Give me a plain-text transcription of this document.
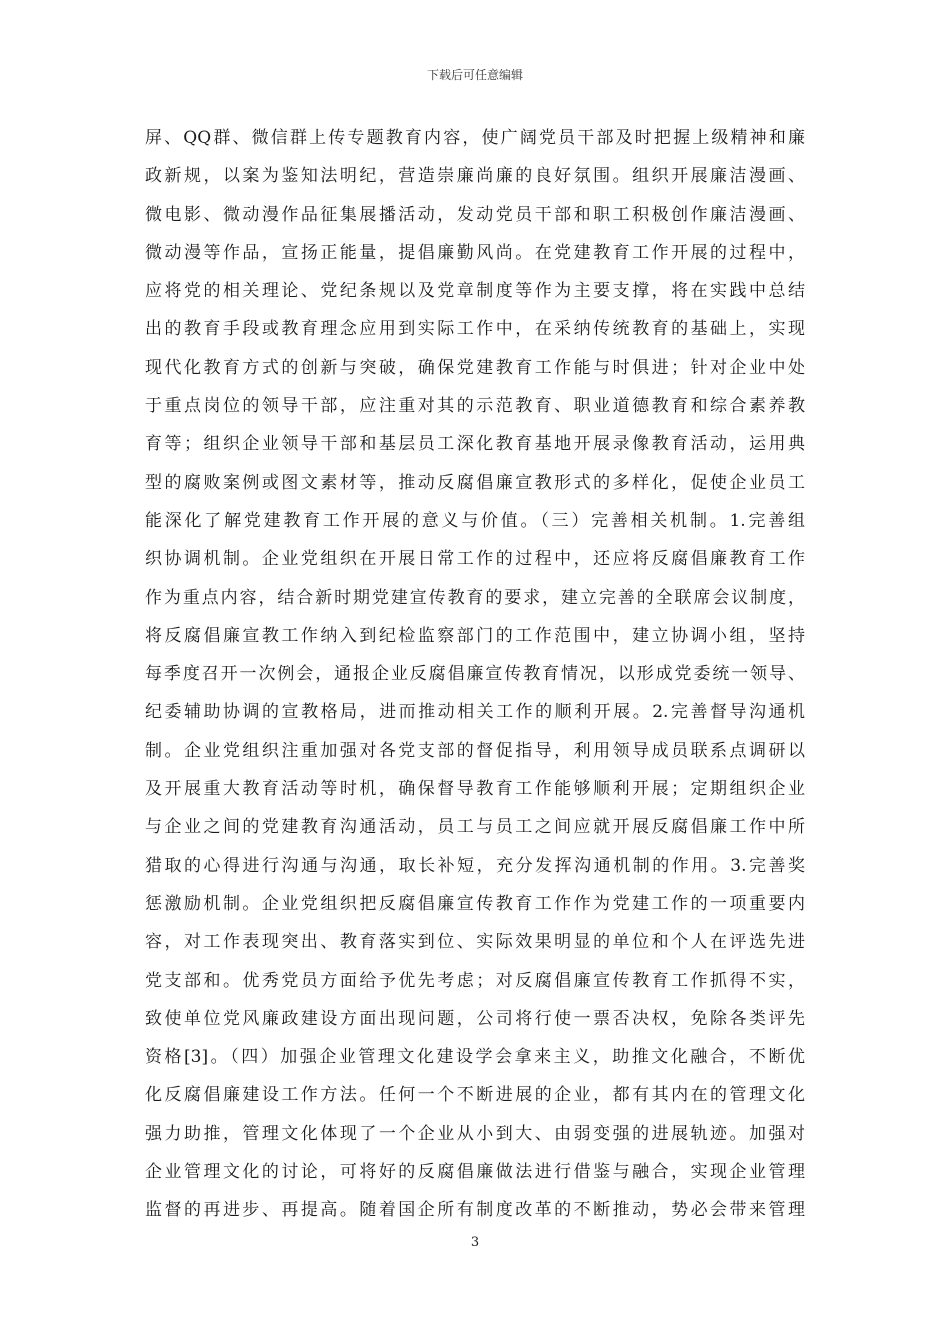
下载后可任意编辑
屏、QQ群、微信群上传专题教育内容，使广阔党员干部及时把握上级精神和廉
政新规，以案为鉴知法明纪，营造崇廉尚廉的良好氛围。组织开展廉洁漫画、
微电影、微动漫作品征集展播活动，发动党员干部和职工积极创作廉洁漫画、
微动漫等作品，宣扬正能量，提倡廉勤风尚。在党建教育工作开展的过程中，
应将党的相关理论、党纪条规以及党章制度等作为主要支撑，将在实践中总结
出的教育手段或教育理念应用到实际工作中，在采纳传统教育的基础上，实现
现代化教育方式的创新与突破，确保党建教育工作能与时俱进；针对企业中处
于重点岗位的领导干部，应注重对其的示范教育、职业道德教育和综合素养教
育等；组织企业领导干部和基层员工深化教育基地开展录像教育活动，运用典
型的腐败案例或图文素材等，推动反腐倡廉宣教形式的多样化，促使企业员工
能深化了解党建教育工作开展的意义与价值。（三）完善相关机制。1.完善组
织协调机制。企业党组织在开展日常工作的过程中，还应将反腐倡廉教育工作
作为重点内容，结合新时期党建宣传教育的要求，建立完善的全联席会议制度，
将反腐倡廉宣教工作纳入到纪检监察部门的工作范围中，建立协调小组，坚持
每季度召开一次例会，通报企业反腐倡廉宣传教育情况，以形成党委统一领导、
纪委辅助协调的宣教格局，进而推动相关工作的顺利开展。2.完善督导沟通机
制。企业党组织注重加强对各党支部的督促指导，利用领导成员联系点调研以
及开展重大教育活动等时机，确保督导教育工作能够顺利开展；定期组织企业
与企业之间的党建教育沟通活动，员工与员工之间应就开展反腐倡廉工作中所
猎取的心得进行沟通与沟通，取长补短，充分发挥沟通机制的作用。3.完善奖
惩激励机制。企业党组织把反腐倡廉宣传教育工作作为党建工作的一项重要内
容，对工作表现突出、教育落实到位、实际效果明显的单位和个人在评选先进
党支部和。优秀党员方面给予优先考虑；对反腐倡廉宣传教育工作抓得不实，
致使单位党风廉政建设方面出现问题，公司将行使一票否决权，免除各类评先
资格[3]。（四）加强企业管理文化建设学会拿来主义，助推文化融合，不断优
化反腐倡廉建设工作方法。任何一个不断进展的企业，都有其内在的管理文化
强力助推，管理文化体现了一个企业从小到大、由弱变强的进展轨迹。加强对
企业管理文化的讨论，可将好的反腐倡廉做法进行借鉴与融合，实现企业管理
监督的再进步、再提高。随着国企所有制度改革的不断推动，势必会带来管理
3
